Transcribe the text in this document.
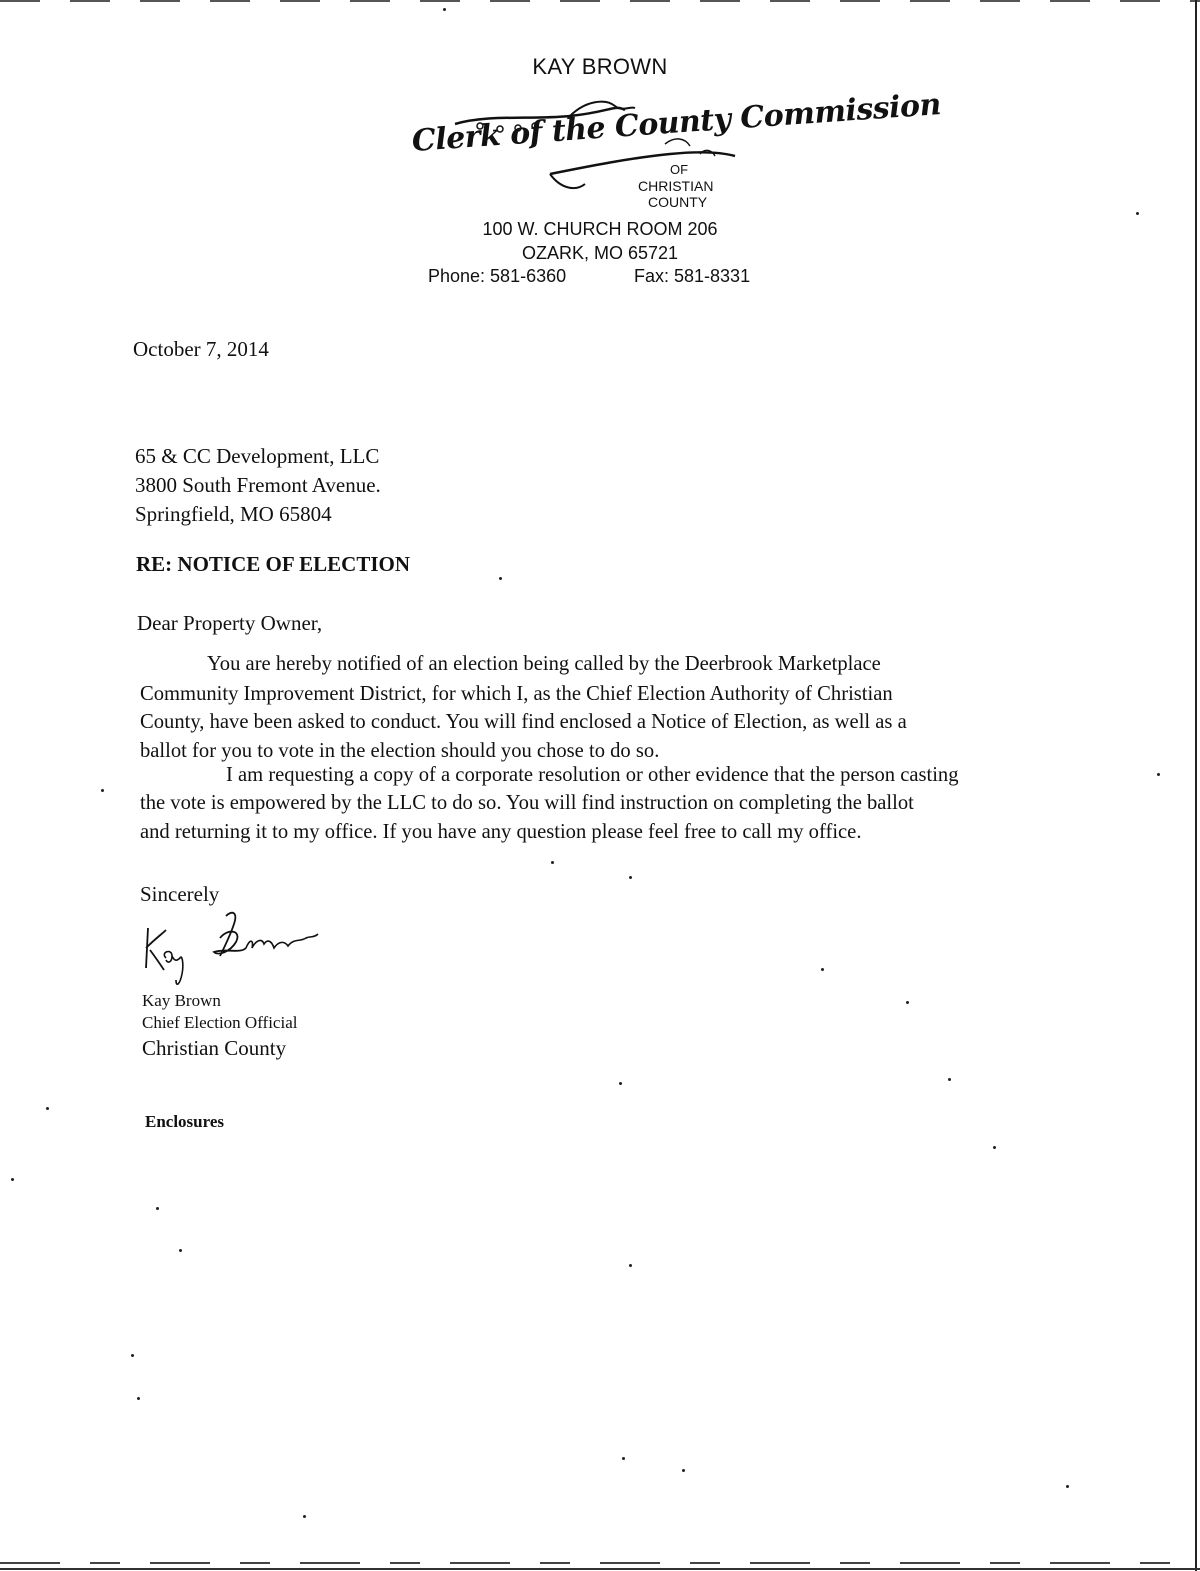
KAY BROWN
Clerk of the County Commission
OF
CHRISTIAN
COUNTY
100 W. CHURCH ROOM 206
OZARK, MO 65721
Phone: 581-6360	Fax: 581-8331
October 7, 2014
65 & CC Development, LLC
3800 South Fremont Avenue.
Springfield, MO 65804
RE: NOTICE OF ELECTION
Dear Property Owner,
You are hereby notified of an election being called by the Deerbrook Marketplace
Community Improvement District, for which I, as the Chief Election Authority of Christian
County, have been asked to conduct. You will find enclosed a Notice of Election, as well as a
ballot for you to vote in the election should you chose to do so.
I am requesting a copy of a corporate resolution or other evidence that the person casting
the vote is empowered by the LLC to do so. You will find instruction on completing the ballot
and returning it to my office. If you have any question please feel free to call my office.
Sincerely
Kay Brown
Chief Election Official
Christian County
Enclosures
